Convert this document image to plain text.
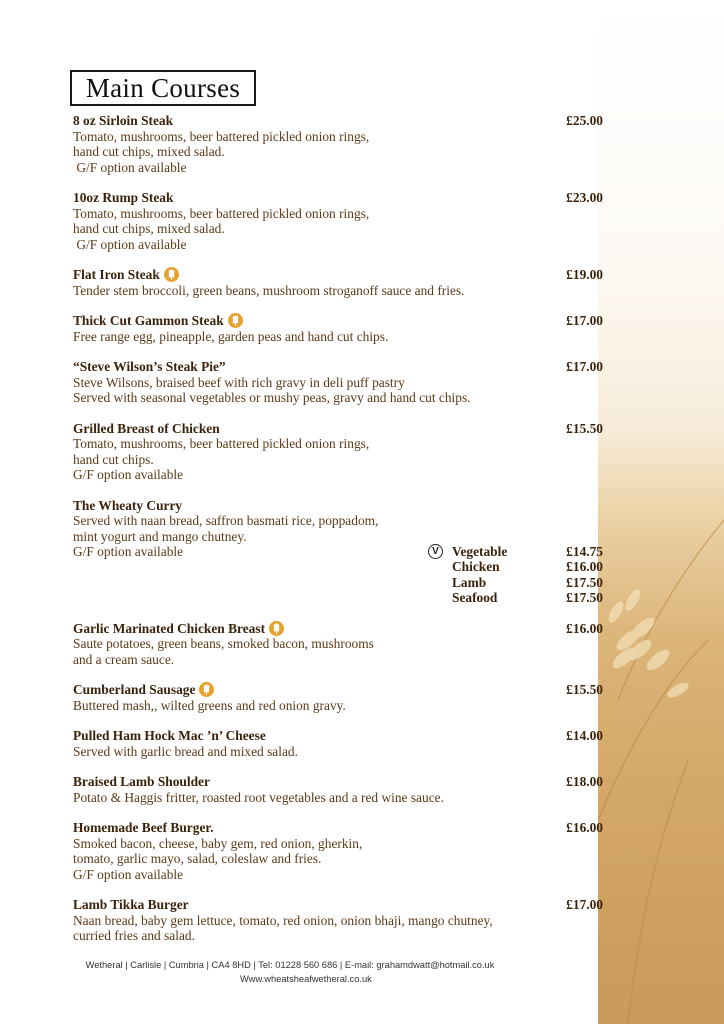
Main Courses
8 oz Sirloin Steak	£25.00
Tomato, mushrooms, beer battered pickled onion rings,
hand cut chips, mixed salad.
G/F option available
10oz Rump Steak	£23.00
Tomato, mushrooms, beer battered pickled onion rings,
hand cut chips, mixed salad.
G/F option available
Flat Iron Steak	£19.00
Tender stem broccoli, green beans, mushroom stroganoff sauce and fries.
Thick Cut Gammon Steak	£17.00
Free range egg, pineapple, garden peas and hand cut chips.
“Steve Wilson’s Steak Pie”	£17.00
Steve Wilsons, braised beef with rich gravy in deli puff pastry
Served with seasonal vegetables or mushy peas, gravy and hand cut chips.
Grilled Breast of Chicken	£15.50
Tomato, mushrooms, beer battered pickled onion rings,
hand cut chips.
G/F option available
The Wheaty Curry
Served with naan bread, saffron basmati rice, poppadom,
mint yogurt and mango chutney.
G/F option available	V Vegetable	£14.75
Chicken	£16.00
Lamb	£17.50
Seafood	£17.50
Garlic Marinated Chicken Breast	£16.00
Saute potatoes, green beans, smoked bacon, mushrooms
and a cream sauce.
Cumberland Sausage	£15.50
Buttered mash,, wilted greens and red onion gravy.
Pulled Ham Hock Mac ’n’ Cheese	£14.00
Served with garlic bread and mixed salad.
Braised Lamb Shoulder	£18.00
Potato & Haggis fritter, roasted root vegetables and a red wine sauce.
Homemade Beef Burger.	£16.00
Smoked bacon, cheese, baby gem, red onion, gherkin,
tomato, garlic mayo, salad, coleslaw and fries.
G/F option available
Lamb Tikka Burger	£17.00
Naan bread, baby gem lettuce, tomato, red onion, onion bhaji, mango chutney,
curried fries and salad.
Wetheral | Carlisle | Cumbria | CA4 8HD | Tel: 01228 560 686 | E-mail: grahamdwatt@hotmail.co.uk
Www.wheatsheafwetheral.co.uk
